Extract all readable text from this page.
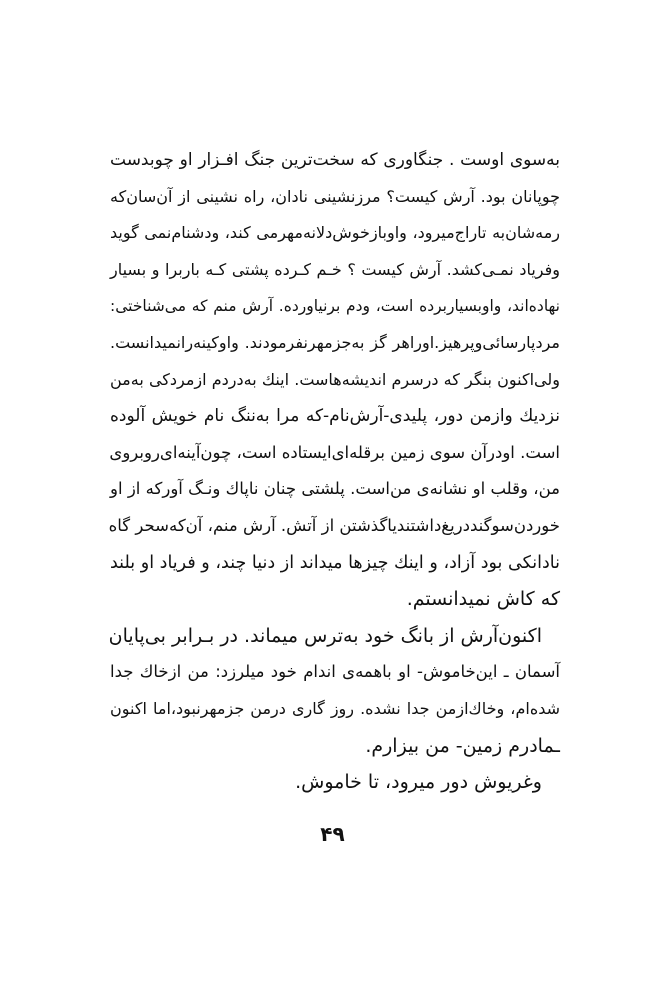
به‌سوی اوست . جنگاوری که سخت‌ترین جنگ افـزار او چوبدست
چوپانان بود. آرش کیست؟ مرزنشینی نادان، راه نشینی از آن‌سان‌که
رمه‌شان‌به تاراج‌میرود، واوبازخوش‌دلانه‌مهرمی کند، ودشنام‌نمی گوید
وفریاد نمـی‌کشد. آرش کیست ؟ خـم کـرده پشتی کـه باربرا و بسیار
نهاده‌اند، واوبسیاربرده است، ودم برنیاورده. آرش منم که می‌شناختی:
مردپارسائی‌وپرهیز.اوراهر گز به‌جزمهرنفرمودند. واوکینه‌رانمیدانست.
ولی‌اکنون بنگر که درسرم اندیشه‌هاست. اینك به‌دردم ازمردکی به‌من
نزدیك وازمن دور، پلیدی-آرش‌نام-که مرا به‌ننگ نام خویش آلوده
است. اودرآن سوی زمین برقله‌ای‌ایستاده است، چون‌آینه‌ای‌روبروی
من، وقلب او نشانه‌ی من‌است. پلشتی چنان ناپاك ونـگ آورکه از او
خوردن‌سوگنددریغ‌داشتندیاگذشتن از آتش. آرش منم، آن‌که‌سحر گاه
نادانکی بود آزاد، و اینك چیزها میداند از دنیا چند، و فریاد او بلند
که کاش نمیدانستم.
اکنون‌آرش از بانگ خود به‌ترس میماند. در بـرابر بی‌پایان
آسمان ـ این‌خاموش- او باهمه‌ی اندام خود میلرزد: من ازخاك جدا
شده‌ام، وخاك‌ازمن جدا نشده. روز گاری درمن جزمهرنبود،اما اکنون
ـمادرم زمین- من بیزارم.
وغریوش دور میرود، تا خاموش.
۴۹
